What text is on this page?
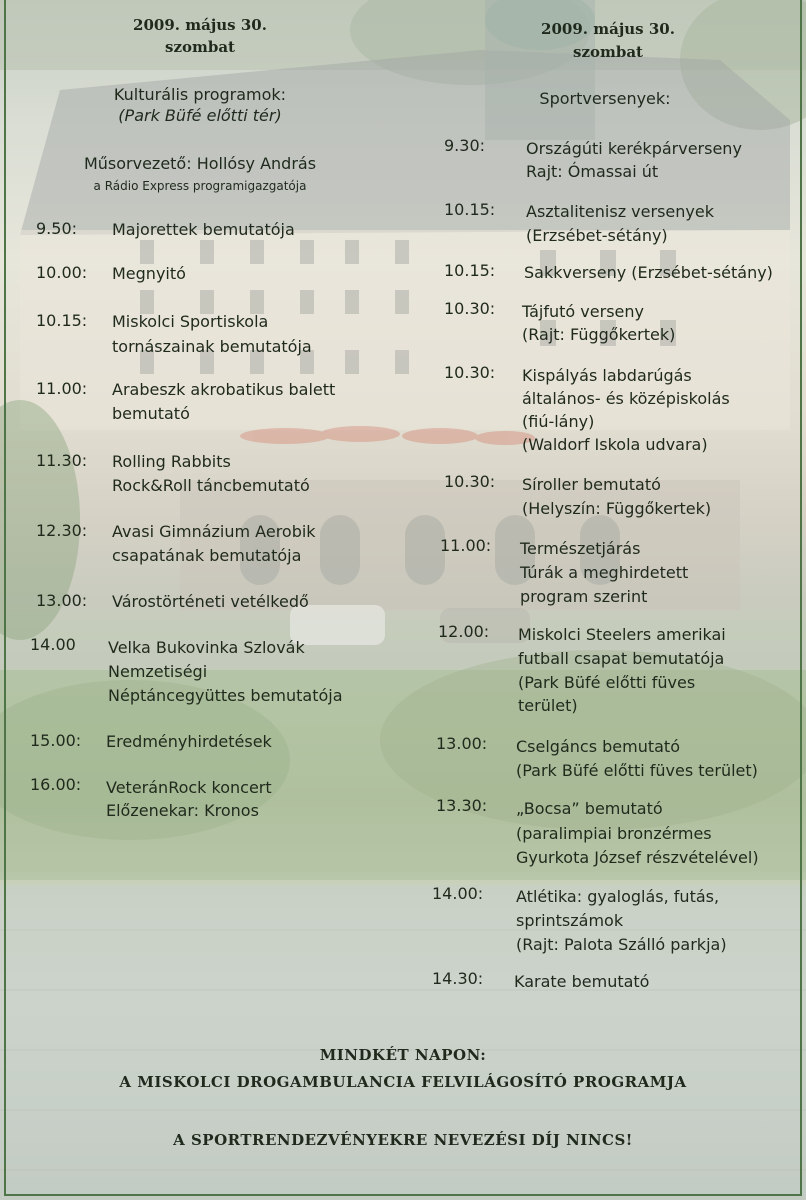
2009. május 30.
szombat
Kulturális programok:
(Park Büfé előtti tér)
Műsorvezető: Hollósy András
a Rádio Express programigazgatója
9.50: Majorettek bemutatója
10.00: Megnyitó
10.15: Miskolci Sportiskola
tornászainak bemutatója
11.00: Arabeszk akrobatikus balett
bemutató
11.30: Rolling Rabbits
Rock&Roll táncbemutató
12.30: Avasi Gimnázium Aerobik
csapatának bemutatója
13.00: Várostörténeti vetélkedő
14.00 Velka Bukovinka Szlovák
Nemzetiségi
Néptáncegyüttes bemutatója
15.00: Eredményhirdetések
16.00: VeteránRock koncert
Előzenekar: Kronos
2009. május 30.
szombat
Sportversenyek:
9.30:	Országúti kerékpárverseny
Rajt: Ómassai út
10.15: Asztalitenisz versenyek
(Erzsébet-sétány)
10.15: Sakkverseny (Erzsébet-sétány)
10.30: Tájfutó verseny
(Rajt: Függőkertek)
10.30: Kispályás labdarúgás
általános- és középiskolás
(fiú-lány)
(Waldorf Iskola udvara)
10.30: Síroller bemutató
(Helyszín: Függőkertek)
11.00: Természetjárás
Túrák a meghirdetett
program szerint
12.00: Miskolci Steelers amerikai
futball csapat bemutatója
(Park Büfé előtti füves
terület)
13.00: Cselgáncs bemutató
(Park Büfé előtti füves terület)
13.30: „Bocsa” bemutató
(paralimpiai bronzérmes
Gyurkota József részvételével)
14.00: Atlétika: gyaloglás, futás,
sprintszámok
(Rajt: Palota Szálló parkja)
14.30: Karate bemutató
MINDKÉT NAPON:
A MISKOLCI DROGAMBULANCIA FELVILÁGOSÍTÓ PROGRAMJA
A SPORTRENDEZVÉNYEKRE NEVEZÉSI DÍJ NINCS!
